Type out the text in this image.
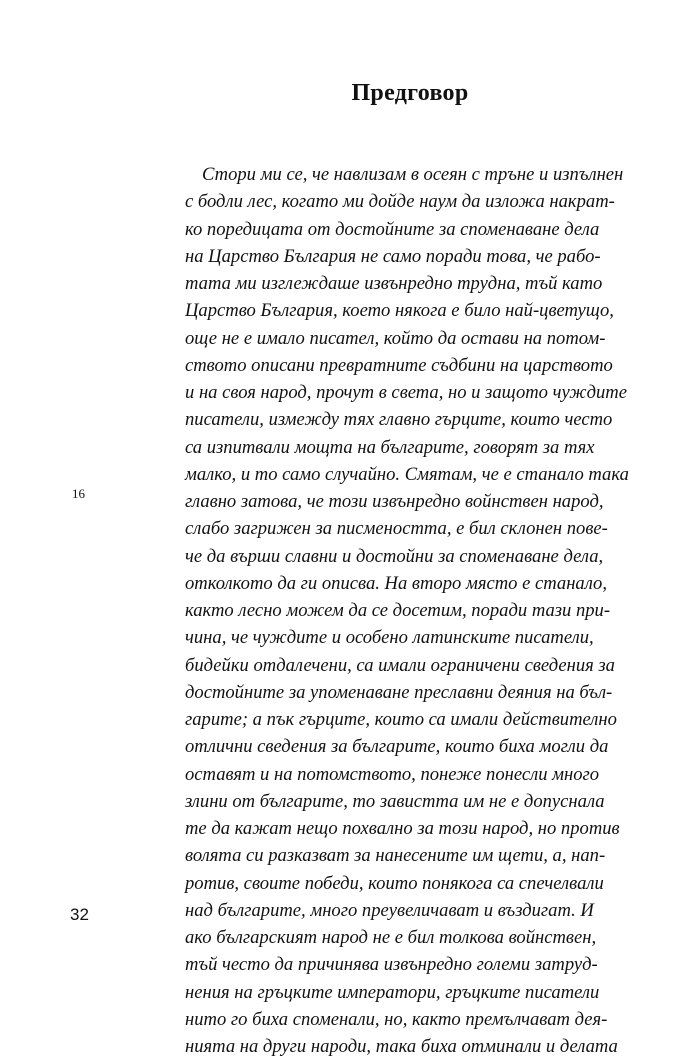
Предговор
Стори ми се, че навлизам в осеян с тръне и изпълнен
с бодли лес, когато ми дойде наум да изложа накрат-
ко поредицата от достойните за споменаване дела
на Царство България не само поради това, че рабо-
тата ми изглеждаше извънредно трудна, тъй като
Царство България, което някога е било най-цветущо,
още не е имало писател, който да остави на потом-
ството описани превратните съдбини на царството
и на своя народ, прочут в света, но и защото чуждите
писатели, измежду тях главно гърците, които често
са изпитвали мощта на българите, говорят за тях
малко, и то само случайно. Смятам, че е станало така
главно затова, че този извънредно войнствен народ,
слабо загрижен за писмеността, е бил склонен пове-
че да върши славни и достойни за споменаване дела,
отколкото да ги описва. На второ място е станало,
както лесно можем да се досетим, поради тази при-
чина, че чуждите и особено латинските писатели,
бидейки отдалечени, са имали ограничени сведения за
достойните за упоменаване преславни деяния на бъл-
гарите; а пък гърците, които са имали действително
отлични сведения за българите, които биха могли да
оставят и на потомството, понеже понесли много
злини от българите, то завистта им не е допуснала
те да кажат нещо похвално за този народ, но против
волята си разказват за нанесените им щети, а, нап-
ротив, своите победи, които понякога са спечелвали
над българите, много преувеличават и въздигат. И
ако българският народ не е бил толкова войнствен,
тъй често да причинява извънредно големи затруд-
нения на гръцките императори, гръцките писатели
нито го биха споменали, но, както премълчават дея-
нията на други народи, така биха отминали и делата
16
32
